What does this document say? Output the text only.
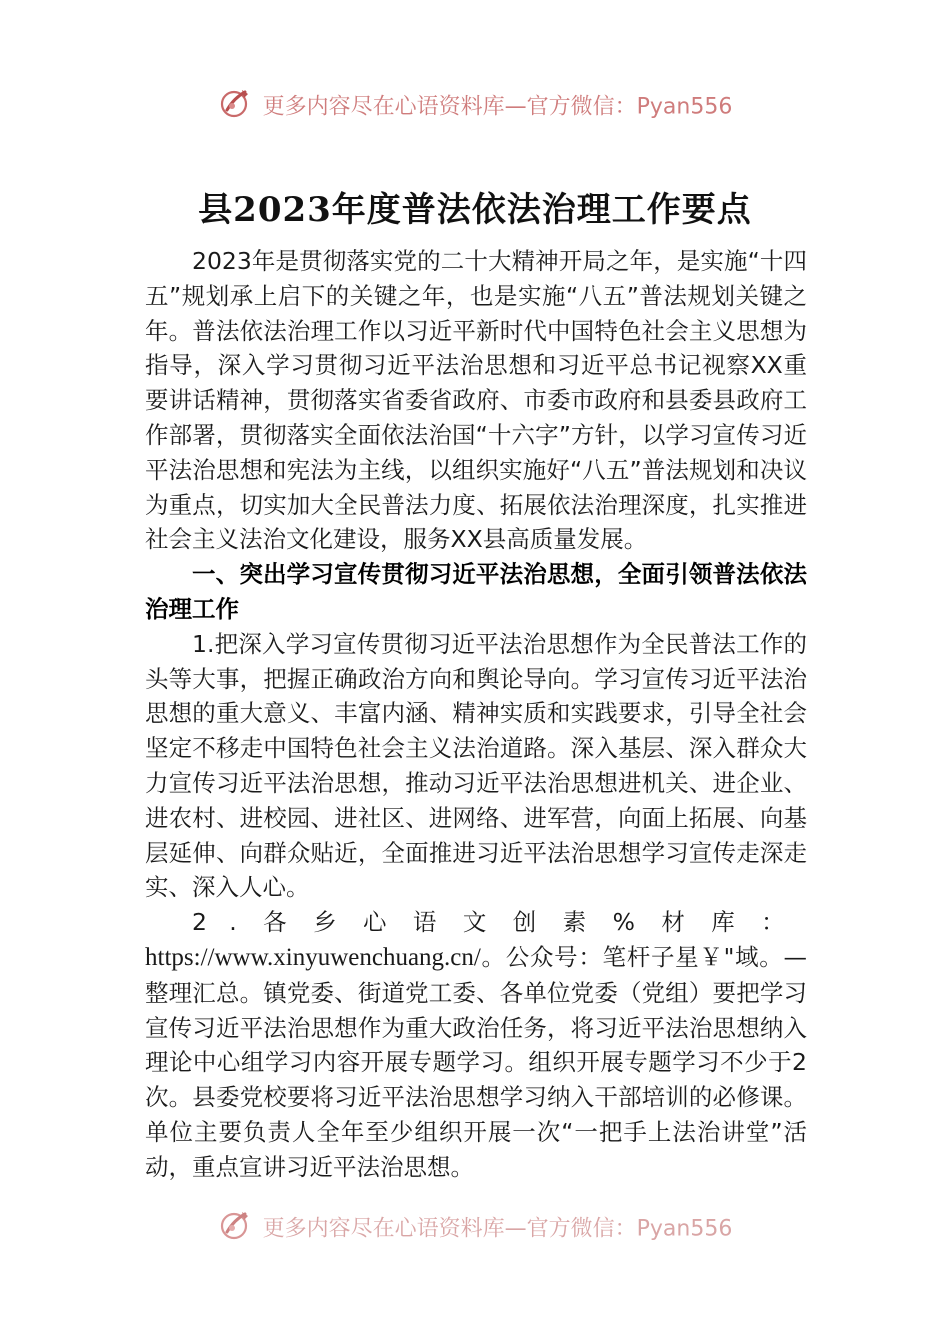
更多内容尽在心语资料库—官方微信：Pyan556
县2023年度普法依法治理工作要点

2023年是贯彻落实党的二十大精神开局之年，是实施“十四五”规划承上启下的关键之年，也是实施“八五”普法规划关键之年。普法依法治理工作以习近平新时代中国特色社会主义思想为指导，深入学习贯彻习近平法治思想和习近平总书记视察XX重要讲话精神，贯彻落实省委省政府、市委市政府和县委县政府工作部署，贯彻落实全面依法治国“十六字”方针，以学习宣传习近平法治思想和宪法为主线，以组织实施好“八五”普法规划和决议为重点，切实加大全民普法力度、拓展依法治理深度，扎实推进社会主义法治文化建设，服务XX县高质量发展。

一、突出学习宣传贯彻习近平法治思想，全面引领普法依法治理工作

1.把深入学习宣传贯彻习近平法治思想作为全民普法工作的头等大事，把握正确政治方向和舆论导向。学习宣传习近平法治思想的重大意义、丰富内涵、精神实质和实践要求，引导全社会坚定不移走中国特色社会主义法治道路。深入基层、深入群众大力宣传习近平法治思想，推动习近平法治思想进机关、进企业、进农村、进校园、进社区、进网络、进军营，向面上拓展、向基层延伸、向群众贴近，全面推进习近平法治思想学习宣传走深走实、深入人心。

2.各乡心语文创素%材库：https://www.xinyuwenchuang.cn/。公众号：笔杆子星￥"域。—整理汇总。镇党委、街道党工委、各单位党委（党组）要把学习宣传习近平法治思想作为重大政治任务，将习近平法治思想纳入理论中心组学习内容开展专题学习。组织开展专题学习不少于2次。县委党校要将习近平法治思想学习纳入干部培训的必修课。单位主要负责人全年至少组织开展一次“一把手上法治讲堂”活动，重点宣讲习近平法治思想。

更多内容尽在心语资料库—官方微信：Pyan556
